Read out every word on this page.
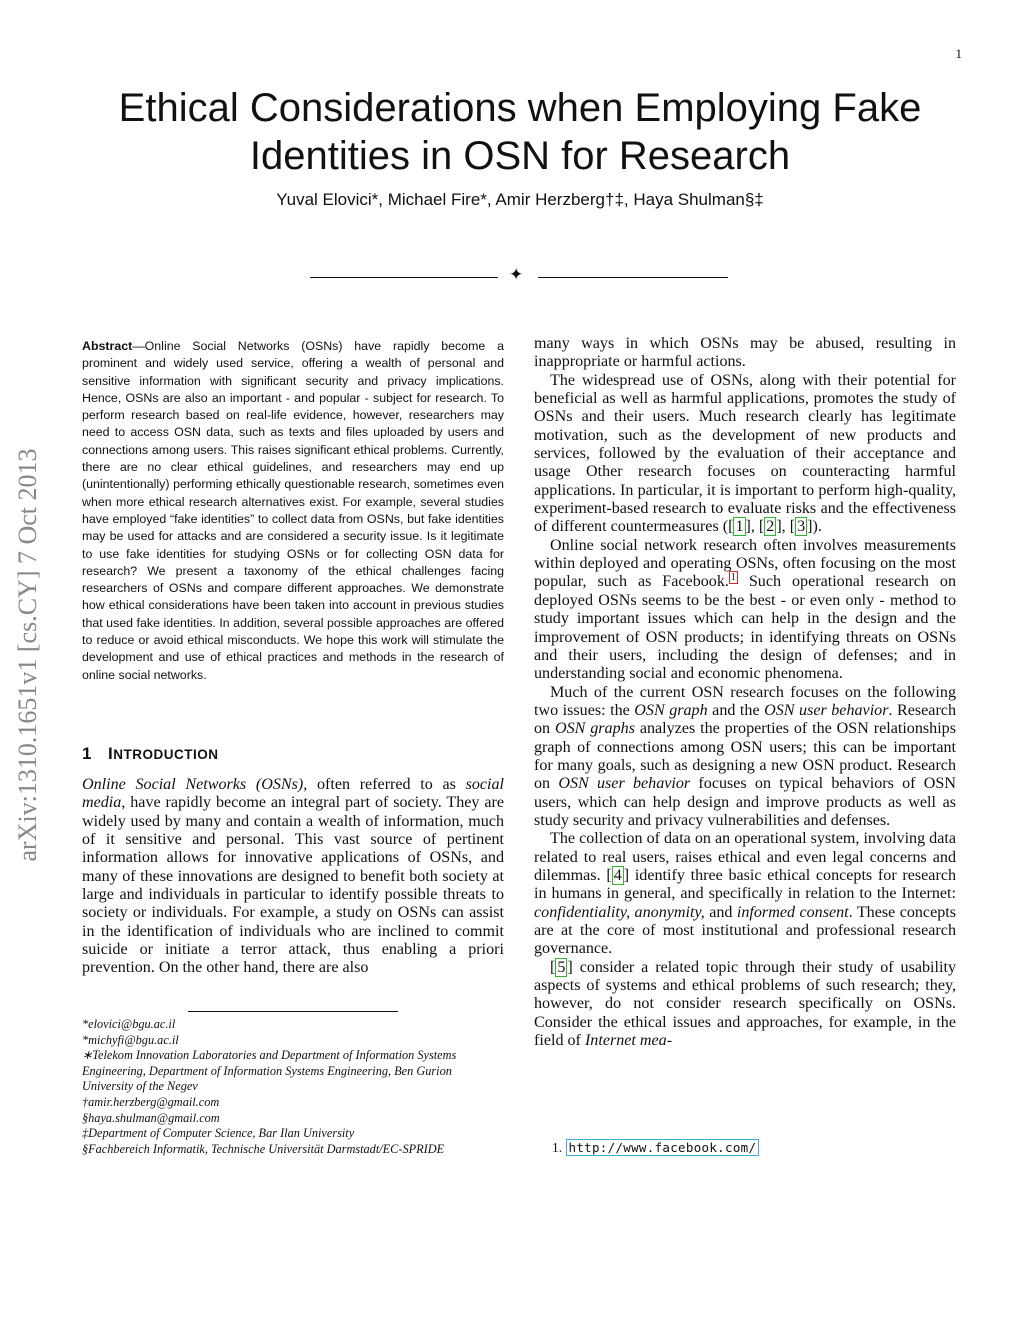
1
arXiv:1310.1651v1 [cs.CY] 7 Oct 2013
Ethical Considerations when Employing Fake
Identities in OSN for Research
Yuval Elovici*, Michael Fire*, Amir Herzberg†‡, Haya Shulman§‡
✦

Abstract—Online Social Networks (OSNs) have rapidly become a prominent and widely used service, offering a wealth of personal and sensitive information with significant security and privacy implications. Hence, OSNs are also an important - and popular - subject for research. To perform research based on real-life evidence, however, researchers may need to access OSN data, such as texts and files uploaded by users and connections among users. This raises significant ethical problems. Currently, there are no clear ethical guidelines, and researchers may end up (unintentionally) performing ethically questionable research, sometimes even when more ethical research alternatives exist. For example, several studies have employed “fake identities” to collect data from OSNs, but fake identities may be used for attacks and are considered a security issue. Is it legitimate to use fake identities for studying OSNs or for collecting OSN data for research? We present a taxonomy of the ethical challenges facing researchers of OSNs and compare different approaches. We demonstrate how ethical considerations have been taken into account in previous studies that used fake identities. In addition, several possible approaches are offered to reduce or avoid ethical misconducts. We hope this work will stimulate the development and use of ethical practices and methods in the research of online social networks.

1 INTRODUCTION

Online Social Networks (OSNs), often referred to as social media, have rapidly become an integral part of society. They are widely used by many and contain a wealth of information, much of it sensitive and personal. This vast source of pertinent information allows for innovative applications of OSNs, and many of these innovations are designed to benefit both society at large and individuals in particular to identify possible threats to society or individuals. For example, a study on OSNs can assist in the identification of individuals who are inclined to commit suicide or initiate a terror attack, thus enabling a priori prevention. On the other hand, there are also

*elovici@bgu.ac.il
*michyfi@bgu.ac.il
∗Telekom Innovation Laboratories and Department of Information Systems Engineering, Department of Information Systems Engineering, Ben Gurion University of the Negev
†amir.herzberg@gmail.com
§haya.shulman@gmail.com
‡Department of Computer Science, Bar Ilan University
§Fachbereich Informatik, Technische Universität Darmstadt/EC-SPRIDE

many ways in which OSNs may be abused, resulting in inappropriate or harmful actions.

The widespread use of OSNs, along with their potential for beneficial as well as harmful applications, promotes the study of OSNs and their users. Much research clearly has legitimate motivation, such as the development of new products and services, followed by the evaluation of their acceptance and usage Other research focuses on counteracting harmful applications. In particular, it is important to perform high-quality, experiment-based research to evaluate risks and the effectiveness of different countermeasures ([ 1 ], [ 2 ], [ 3 ]).

Online social network research often involves measurements within deployed and operating OSNs, often focusing on the most popular, such as Facebook. $^1$ Such operational research on deployed OSNs seems to be the best - or even only - method to study important issues which can help in the design and the improvement of OSN products; in identifying threats on OSNs and their users, including the design of defenses; and in understanding social and economic phenomena.

Much of the current OSN research focuses on the following two issues: the OSN graph and the OSN user behavior. Research on OSN graphs analyzes the properties of the OSN relationships graph of connections among OSN users; this can be important for many goals, such as designing a new OSN product. Research on OSN user behavior focuses on typical behaviors of OSN users, which can help design and improve products as well as study security and privacy vulnerabilities and defenses.

The collection of data on an operational system, involving data related to real users, raises ethical and even legal concerns and dilemmas. [ 4 ] identify three basic ethical concepts for research in humans in general, and specifically in relation to the Internet: confidentiality, anonymity, and informed consent. These concepts are at the core of most institutional and professional research governance.

[ 5 ] consider a related topic through their study of usability aspects of systems and ethical problems of such research; they, however, do not consider research specifically on OSNs. Consider the ethical issues and approaches, for example, in the field of Internet mea-

1. http://www.facebook.com/
